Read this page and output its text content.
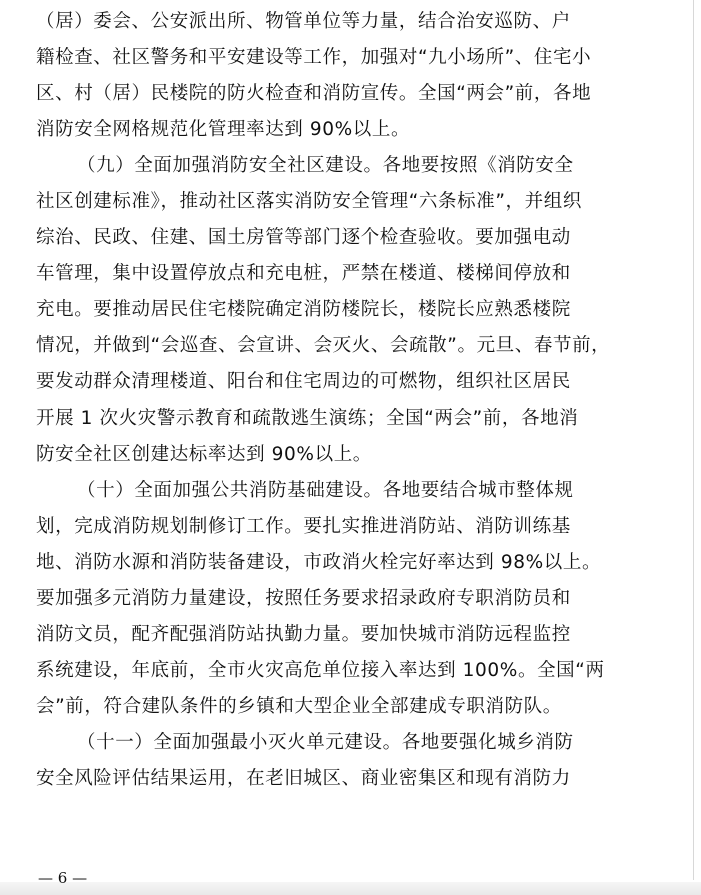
（居）委会、公安派出所、物管单位等力量，结合治安巡防、户
籍检查、社区警务和平安建设等工作，加强对“九小场所”、住宅小
区、村（居）民楼院的防火检查和消防宣传。全国“两会”前，各地
消防安全网格规范化管理率达到 90%以上。
（九）全面加强消防安全社区建设。各地要按照《消防安全
社区创建标准》，推动社区落实消防安全管理“六条标准”，并组织
综治、民政、住建、国土房管等部门逐个检查验收。要加强电动
车管理，集中设置停放点和充电桩，严禁在楼道、楼梯间停放和
充电。要推动居民住宅楼院确定消防楼院长，楼院长应熟悉楼院
情况，并做到“会巡查、会宣讲、会灭火、会疏散”。元旦、春节前，
要发动群众清理楼道、阳台和住宅周边的可燃物，组织社区居民
开展 1 次火灾警示教育和疏散逃生演练；全国“两会”前，各地消
防安全社区创建达标率达到 90%以上。
（十）全面加强公共消防基础建设。各地要结合城市整体规
划，完成消防规划制修订工作。要扎实推进消防站、消防训练基
地、消防水源和消防装备建设，市政消火栓完好率达到 98%以上。
要加强多元消防力量建设，按照任务要求招录政府专职消防员和
消防文员，配齐配强消防站执勤力量。要加快城市消防远程监控
系统建设，年底前，全市火灾高危单位接入率达到 100%。全国“两
会”前，符合建队条件的乡镇和大型企业全部建成专职消防队。
（十一）全面加强最小灭火单元建设。各地要强化城乡消防
安全风险评估结果运用，在老旧城区、商业密集区和现有消防力
— 6 —
